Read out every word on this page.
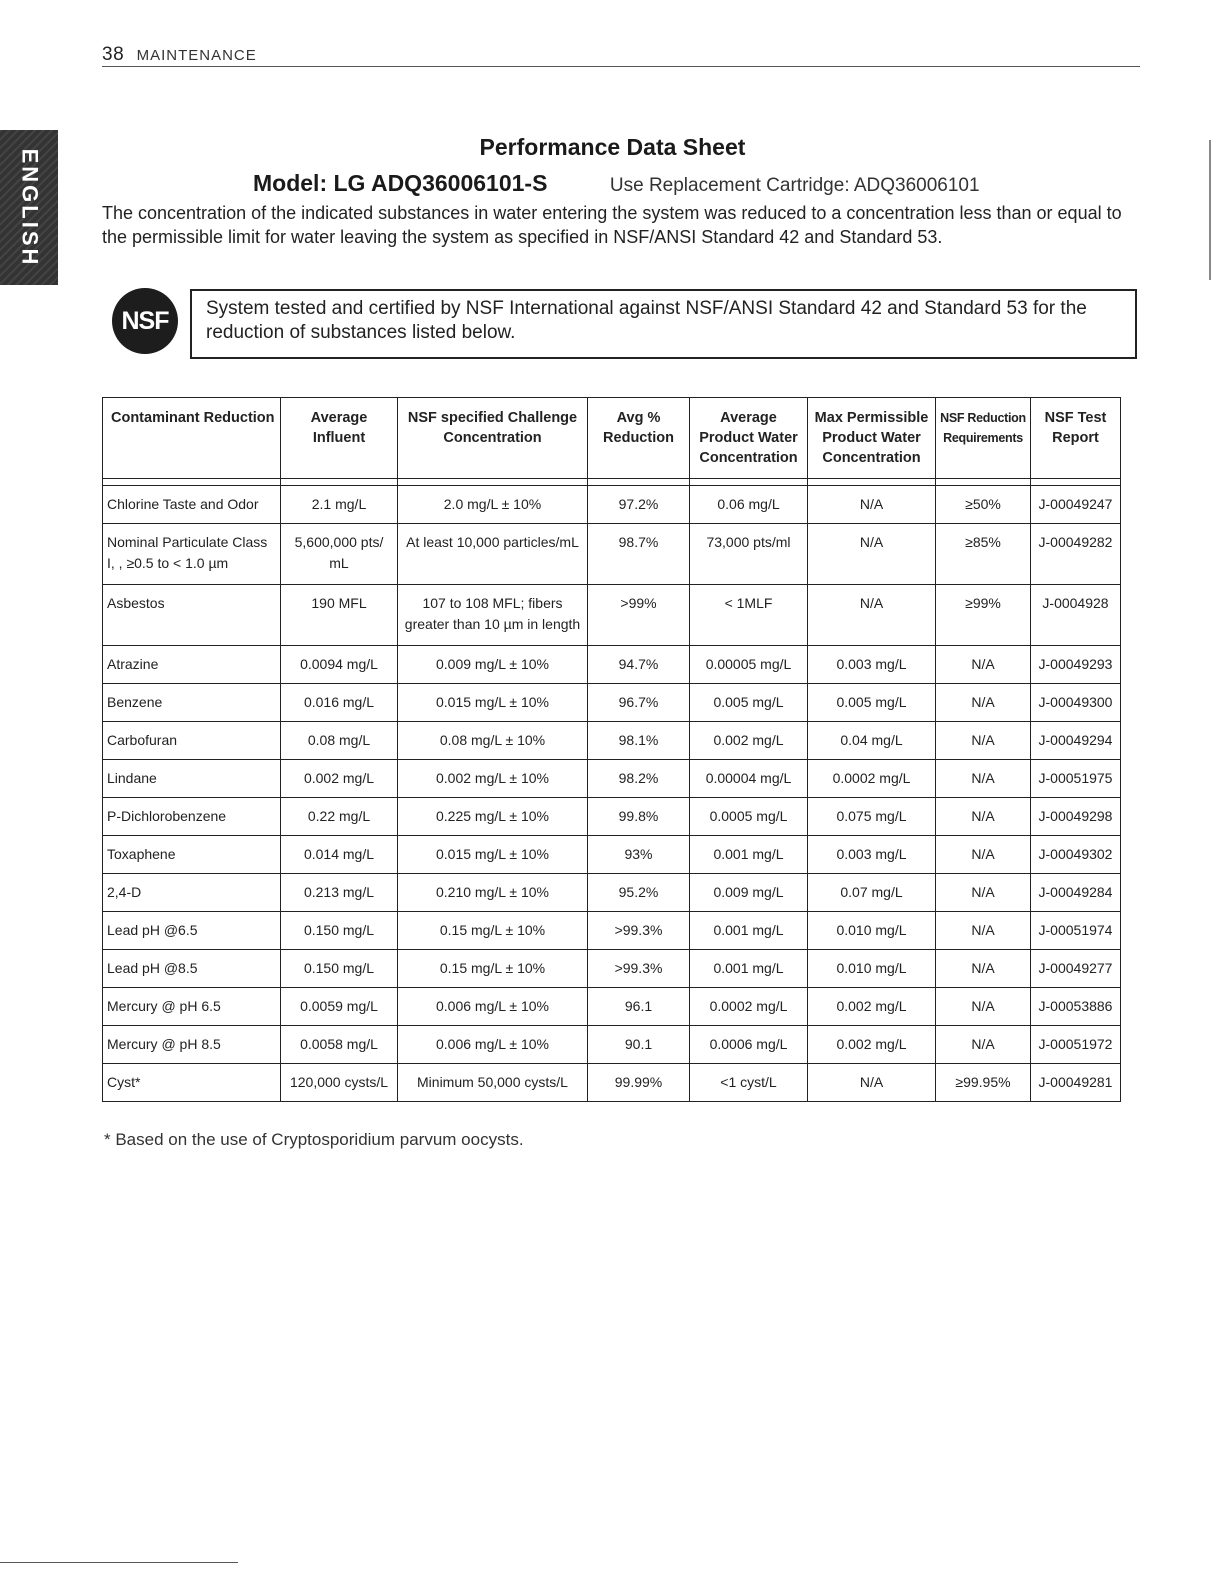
38 MAINTENANCE
ENGLISH
Performance Data Sheet
Model: LG ADQ36006101-S	Use Replacement Cartridge: ADQ36006101
The concentration of the indicated substances in water entering the system was reduced to a concentration less than or equal to the permissible limit for water leaving the system as specified in NSF/ANSI Standard 42 and Standard 53.
NSF	System tested and certified by NSF International against NSF/ANSI Standard 42 and Standard 53 for the reduction of substances listed below.
Contaminant Reduction	Average Influent	NSF specified Challenge Concentration	Avg % Reduction	Average Product Water Concentration	Max Permissible Product Water Concentration	NSF Reduction Requirements	NSF Test Report

Chlorine Taste and Odor	2.1 mg/L	2.0 mg/L ± 10%	97.2%	0.06 mg/L	N/A	≥50%	J-00049247
Nominal Particulate Class I, , ≥0.5 to < 1.0 µm	5,600,000 pts/ mL	At least 10,000 particles/mL	98.7%	73,000 pts/ml	N/A	≥85%	J-00049282
Asbestos	190 MFL	107 to 108 MFL; fibers greater than 10 µm in length	>99%	< 1MLF	N/A	≥99%	J-0004928
Atrazine	0.0094 mg/L	0.009 mg/L ± 10%	94.7%	0.00005 mg/L	0.003 mg/L	N/A	J-00049293
Benzene	0.016 mg/L	0.015 mg/L ± 10%	96.7%	0.005 mg/L	0.005 mg/L	N/A	J-00049300
Carbofuran	0.08 mg/L	0.08 mg/L ± 10%	98.1%	0.002 mg/L	0.04 mg/L	N/A	J-00049294
Lindane	0.002 mg/L	0.002 mg/L ± 10%	98.2%	0.00004 mg/L	0.0002 mg/L	N/A	J-00051975
P-Dichlorobenzene	0.22 mg/L	0.225 mg/L ± 10%	99.8%	0.0005 mg/L	0.075 mg/L	N/A	J-00049298
Toxaphene	0.014 mg/L	0.015 mg/L ± 10%	93%	0.001 mg/L	0.003 mg/L	N/A	J-00049302
2,4-D	0.213 mg/L	0.210 mg/L ± 10%	95.2%	0.009 mg/L	0.07 mg/L	N/A	J-00049284
Lead pH @6.5	0.150 mg/L	0.15 mg/L ± 10%	>99.3%	0.001 mg/L	0.010 mg/L	N/A	J-00051974
Lead pH @8.5	0.150 mg/L	0.15 mg/L ± 10%	>99.3%	0.001 mg/L	0.010 mg/L	N/A	J-00049277
Mercury @ pH 6.5	0.0059 mg/L	0.006 mg/L ± 10%	96.1	0.0002 mg/L	0.002 mg/L	N/A	J-00053886
Mercury @ pH 8.5	0.0058 mg/L	0.006 mg/L ± 10%	90.1	0.0006 mg/L	0.002 mg/L	N/A	J-00051972
Cyst*	120,000 cysts/L	Minimum 50,000 cysts/L	99.99%	<1 cyst/L	N/A	≥99.95%	J-00049281
* Based on the use of Cryptosporidium parvum oocysts.
